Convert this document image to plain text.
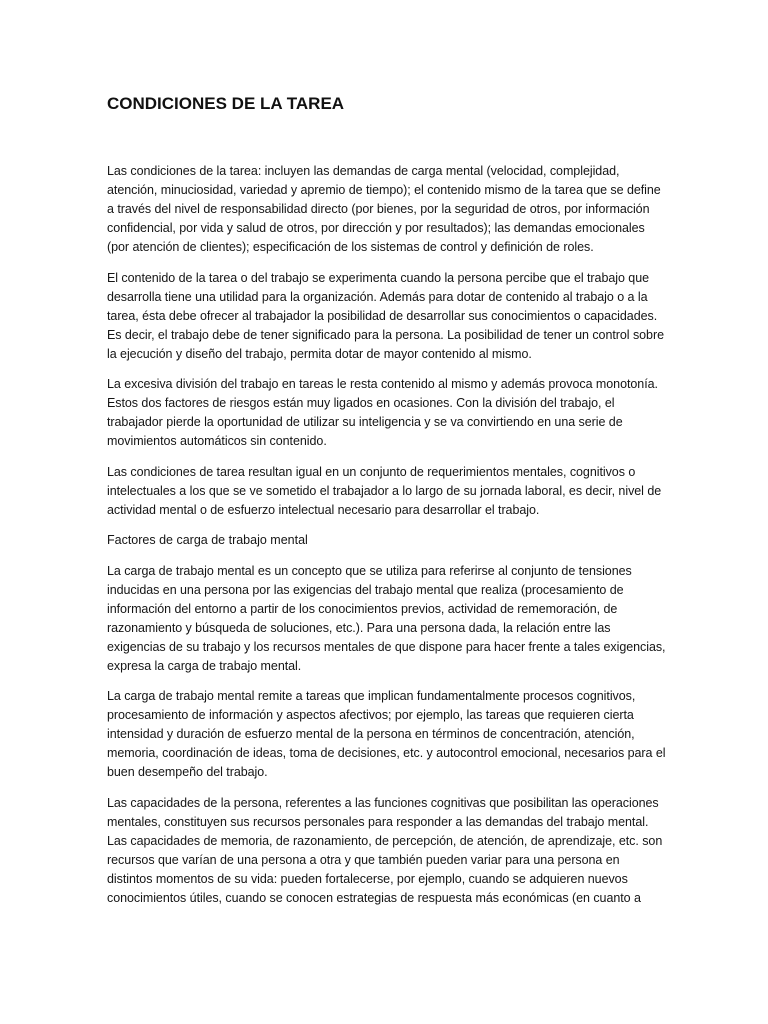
CONDICIONES DE LA TAREA

Las condiciones de la tarea: incluyen las demandas de carga mental (velocidad, complejidad, atención, minuciosidad, variedad y apremio de tiempo); el contenido mismo de la tarea que se define a través del nivel de responsabilidad directo (por bienes, por la seguridad de otros, por información confidencial, por vida y salud de otros, por dirección y por resultados); las demandas emocionales (por atención de clientes); especificación de los sistemas de control y definición de roles.

El contenido de la tarea o del trabajo se experimenta cuando la persona percibe que el trabajo que desarrolla tiene una utilidad para la organización. Además para dotar de contenido al trabajo o a la tarea, ésta debe ofrecer al trabajador la posibilidad de desarrollar sus conocimientos o capacidades. Es decir, el trabajo debe de tener significado para la persona. La posibilidad de tener un control sobre la ejecución y diseño del trabajo, permita dotar de mayor contenido al mismo.

La excesiva división del trabajo en tareas le resta contenido al mismo y además provoca monotonía. Estos dos factores de riesgos están muy ligados en ocasiones. Con la división del trabajo, el trabajador pierde la oportunidad de utilizar su inteligencia y se va convirtiendo en una serie de movimientos automáticos sin contenido.

Las condiciones de tarea resultan igual en un conjunto de requerimientos mentales, cognitivos o intelectuales a los que se ve sometido el trabajador a lo largo de su jornada laboral, es decir, nivel de actividad mental o de esfuerzo intelectual necesario para desarrollar el trabajo.

Factores de carga de trabajo mental

La carga de trabajo mental es un concepto que se utiliza para referirse al conjunto de tensiones inducidas en una persona por las exigencias del trabajo mental que realiza (procesamiento de información del entorno a partir de los conocimientos previos, actividad de rememoración, de razonamiento y búsqueda de soluciones, etc.). Para una persona dada, la relación entre las exigencias de su trabajo y los recursos mentales de que dispone para hacer frente a tales exigencias, expresa la carga de trabajo mental.

La carga de trabajo mental remite a tareas que implican fundamentalmente procesos cognitivos, procesamiento de información y aspectos afectivos; por ejemplo, las tareas que requieren cierta intensidad y duración de esfuerzo mental de la persona en términos de concentración, atención, memoria, coordinación de ideas, toma de decisiones, etc. y autocontrol emocional, necesarios para el buen desempeño del trabajo.

Las capacidades de la persona, referentes a las funciones cognitivas que posibilitan las operaciones mentales, constituyen sus recursos personales para responder a las demandas del trabajo mental. Las capacidades de memoria, de razonamiento, de percepción, de atención, de aprendizaje, etc. son recursos que varían de una persona a otra y que también pueden variar para una persona en distintos momentos de su vida: pueden fortalecerse, por ejemplo, cuando se adquieren nuevos conocimientos útiles, cuando se conocen estrategias de respuesta más económicas (en cuanto a
